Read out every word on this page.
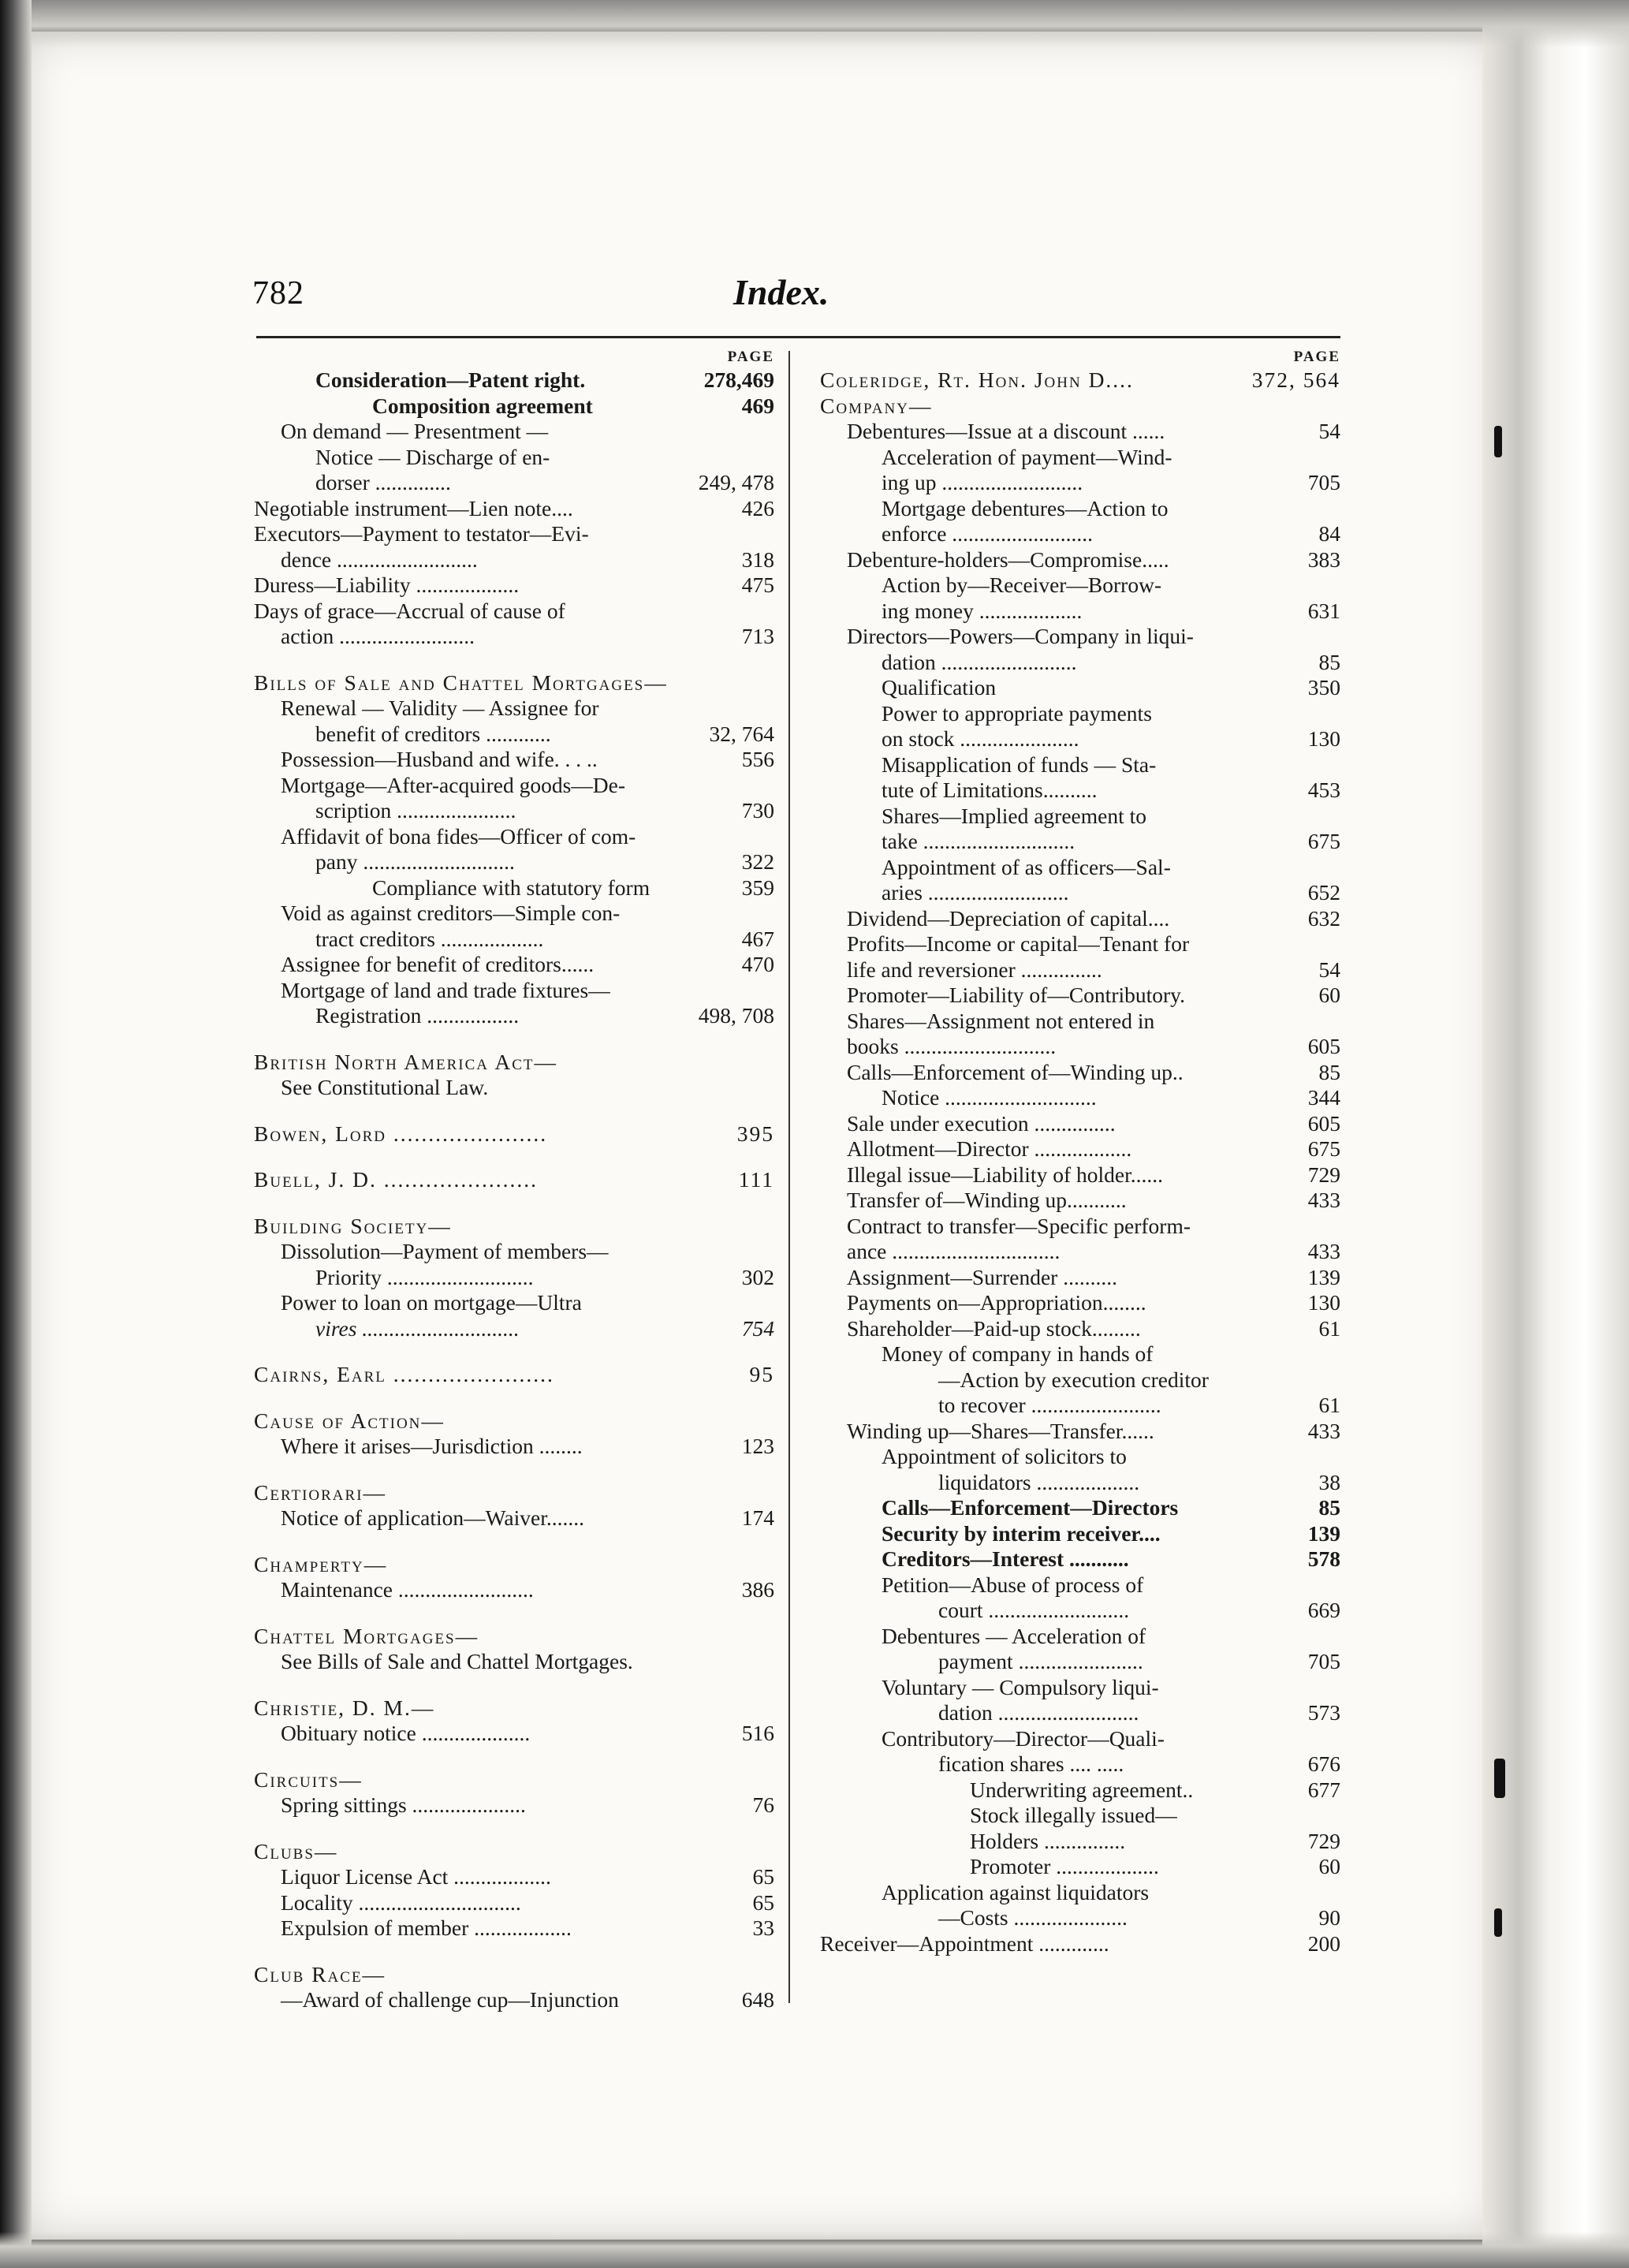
782	Index.
PAGE
Consideration—Patent right.	278,469
Composition agreement	469
On demand — Presentment —
Notice — Discharge of en-
dorser ..............	249, 478
Negotiable instrument—Lien note....	426
Executors—Payment to testator—Evi-
dence ..........................	318
Duress—Liability ...................	475
Days of grace—Accrual of cause of
action .........................	713
Bills of Sale and Chattel Mortgages—
Renewal — Validity — Assignee for
benefit of creditors ............	32, 764
Possession—Husband and wife. . . ..	556
Mortgage—After-acquired goods—De-
scription ......................	730
Affidavit of bona fides—Officer of com-
pany ............................	322
Compliance with statutory form	359
Void as against creditors—Simple con-
tract creditors ...................	467
Assignee for benefit of creditors......	470
Mortgage of land and trade fixtures—
Registration .................	498, 708
British North America Act—
See Constitutional Law.
Bowen, Lord ......................	395
Buell, J. D. ......................	111
Building Society—
Dissolution—Payment of members—
Priority ...........................	302
Power to loan on mortgage—Ultra
vires .............................	754
Cairns, Earl .......................	95
Cause of Action—
Where it arises—Jurisdiction ........	123
Certiorari—
Notice of application—Waiver.......	174
Champerty—
Maintenance .........................	386
Chattel Mortgages—
See Bills of Sale and Chattel Mortgages.
Christie, D. M.—
Obituary notice ....................	516
Circuits—
Spring sittings .....................	76
Clubs—
Liquor License Act ..................	65
Locality ..............................	65
Expulsion of member ..................	33
Club Race—
—Award of challenge cup—Injunction	648
PAGE
Coleridge, Rt. Hon. John D....	372, 564
Company—
Debentures—Issue at a discount ......	54
Acceleration of payment—Wind-
ing up ..........................	705
Mortgage debentures—Action to
enforce ..........................	84
Debenture-holders—Compromise.....	383
Action by—Receiver—Borrow-
ing money ...................	631
Directors—Powers—Company in liqui-
dation .........................	85
Qualification	350
Power to appropriate payments
on stock ......................	130
Misapplication of funds — Sta-
tute of Limitations..........	453
Shares—Implied agreement to
take ............................	675
Appointment of as officers—Sal-
aries ..........................	652
Dividend—Depreciation of capital....	632
Profits—Income or capital—Tenant for
life and reversioner ...............	54
Promoter—Liability of—Contributory.	60
Shares—Assignment not entered in
books ............................	605
Calls—Enforcement of—Winding up..	85
Notice ............................	344
Sale under execution ...............	605
Allotment—Director ..................	675
Illegal issue—Liability of holder......	729
Transfer of—Winding up...........	433
Contract to transfer—Specific perform-
ance ...............................	433
Assignment—Surrender ..........	139
Payments on—Appropriation........	130
Shareholder—Paid-up stock.........	61
Money of company in hands of
—Action by execution creditor
to recover ........................	61
Winding up—Shares—Transfer......	433
Appointment of solicitors to
liquidators ...................	38
Calls—Enforcement—Directors	85
Security by interim receiver....	139
Creditors—Interest ...........	578
Petition—Abuse of process of
court ..........................	669
Debentures — Acceleration of
payment .......................	705
Voluntary — Compulsory liqui-
dation ..........................	573
Contributory—Director—Quali-
fication shares .... .....	676
Underwriting agreement..	677
Stock illegally issued—
Holders ...............	729
Promoter ...................	60
Application against liquidators
—Costs .....................	90
Receiver—Appointment .............	200
